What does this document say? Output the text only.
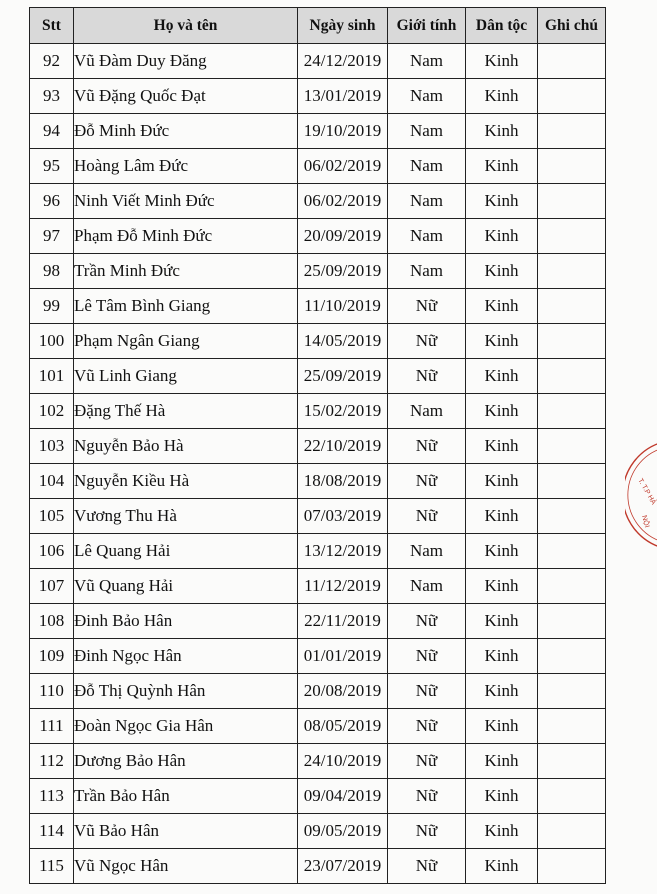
Stt	Họ và tên	Ngày sinh	Giới tính	Dân tộc	Ghi chú
92	Vũ Đàm Duy Đăng	24/12/2019	Nam	Kinh	
93	Vũ Đặng Quốc Đạt	13/01/2019	Nam	Kinh	
94	Đỗ Minh Đức	19/10/2019	Nam	Kinh	
95	Hoàng Lâm Đức	06/02/2019	Nam	Kinh	
96	Ninh Viết Minh Đức	06/02/2019	Nam	Kinh	
97	Phạm Đỗ Minh Đức	20/09/2019	Nam	Kinh	
98	Trần Minh Đức	25/09/2019	Nam	Kinh	
99	Lê Tâm Bình Giang	11/10/2019	Nữ	Kinh	
100	Phạm Ngân Giang	14/05/2019	Nữ	Kinh	
101	Vũ Linh Giang	25/09/2019	Nữ	Kinh	
102	Đặng Thế Hà	15/02/2019	Nam	Kinh	
103	Nguyễn Bảo Hà	22/10/2019	Nữ	Kinh	
104	Nguyễn Kiều Hà	18/08/2019	Nữ	Kinh	
105	Vương Thu Hà	07/03/2019	Nữ	Kinh	
106	Lê Quang Hải	13/12/2019	Nam	Kinh	
107	Vũ Quang Hải	11/12/2019	Nam	Kinh	
108	Đinh Bảo Hân	22/11/2019	Nữ	Kinh	
109	Đinh Ngọc Hân	01/01/2019	Nữ	Kinh	
110	Đỗ Thị Quỳnh Hân	20/08/2019	Nữ	Kinh	
111	Đoàn Ngọc Gia Hân	08/05/2019	Nữ	Kinh	
112	Dương Bảo Hân	24/10/2019	Nữ	Kinh	
113	Trần Bảo Hân	09/04/2019	Nữ	Kinh	
114	Vũ Bảo Hân	09/05/2019	Nữ	Kinh	
115	Vũ Ngọc Hân	23/07/2019	Nữ	Kinh	
T. T.P HÀ
NỘI
